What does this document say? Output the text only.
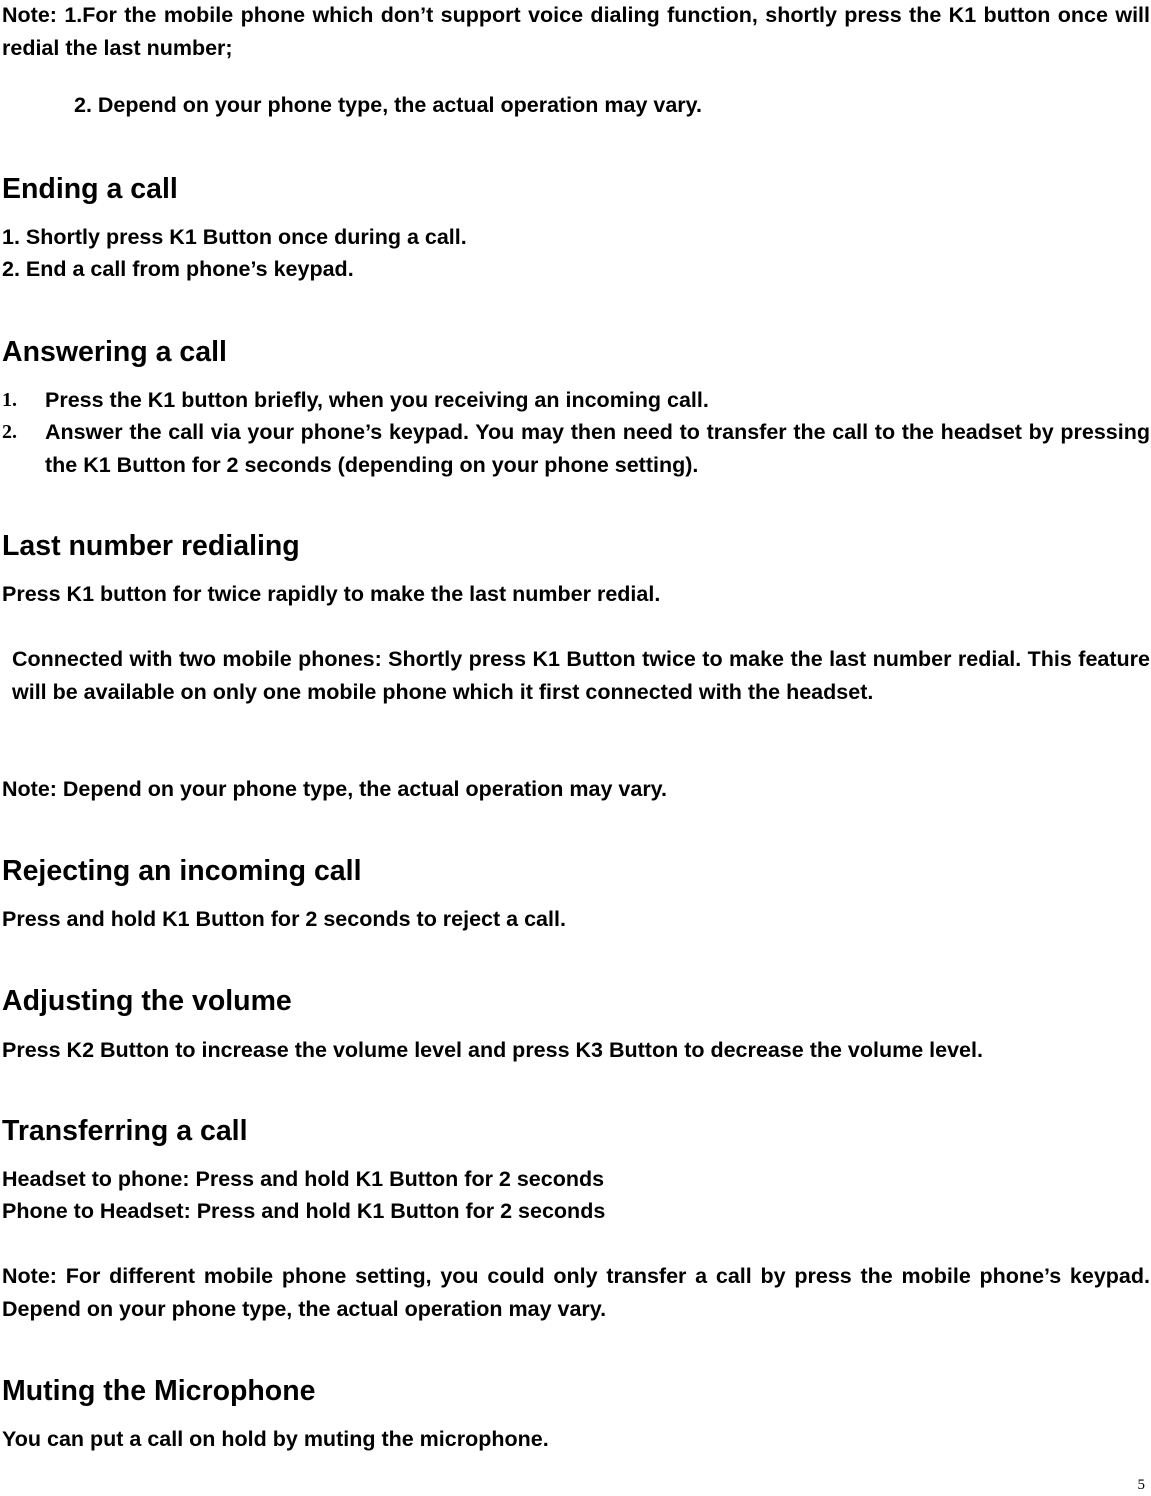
Note: 1.For the mobile phone which don’t support voice dialing function, shortly press the K1 button once will redial the last number;

2. Depend on your phone type, the actual operation may vary.

Ending a call

1. Shortly press K1 Button once during a call.

2. End a call from phone’s keypad.

Answering a call
1. Press the K1 button briefly, when you receiving an incoming call.
2. Answer the call via your phone’s keypad. You may then need to transfer the call to the headset by pressing the K1 Button for 2 seconds (depending on your phone setting).
Last number redialing

Press K1 button for twice rapidly to make the last number redial.

Connected with two mobile phones: Shortly press K1 Button twice to make the last number redial. This feature will be available on only one mobile phone which it first connected with the headset.

Note: Depend on your phone type, the actual operation may vary.

Rejecting an incoming call

Press and hold K1 Button for 2 seconds to reject a call.

Adjusting the volume

Press K2 Button to increase the volume level and press K3 Button to decrease the volume level.

Transferring a call

Headset to phone: Press and hold K1 Button for 2 seconds

Phone to Headset: Press and hold K1 Button for 2 seconds

Note: For different mobile phone setting, you could only transfer a call by press the mobile phone’s keypad. Depend on your phone type, the actual operation may vary.

Muting the Microphone

You can put a call on hold by muting the microphone.

5
